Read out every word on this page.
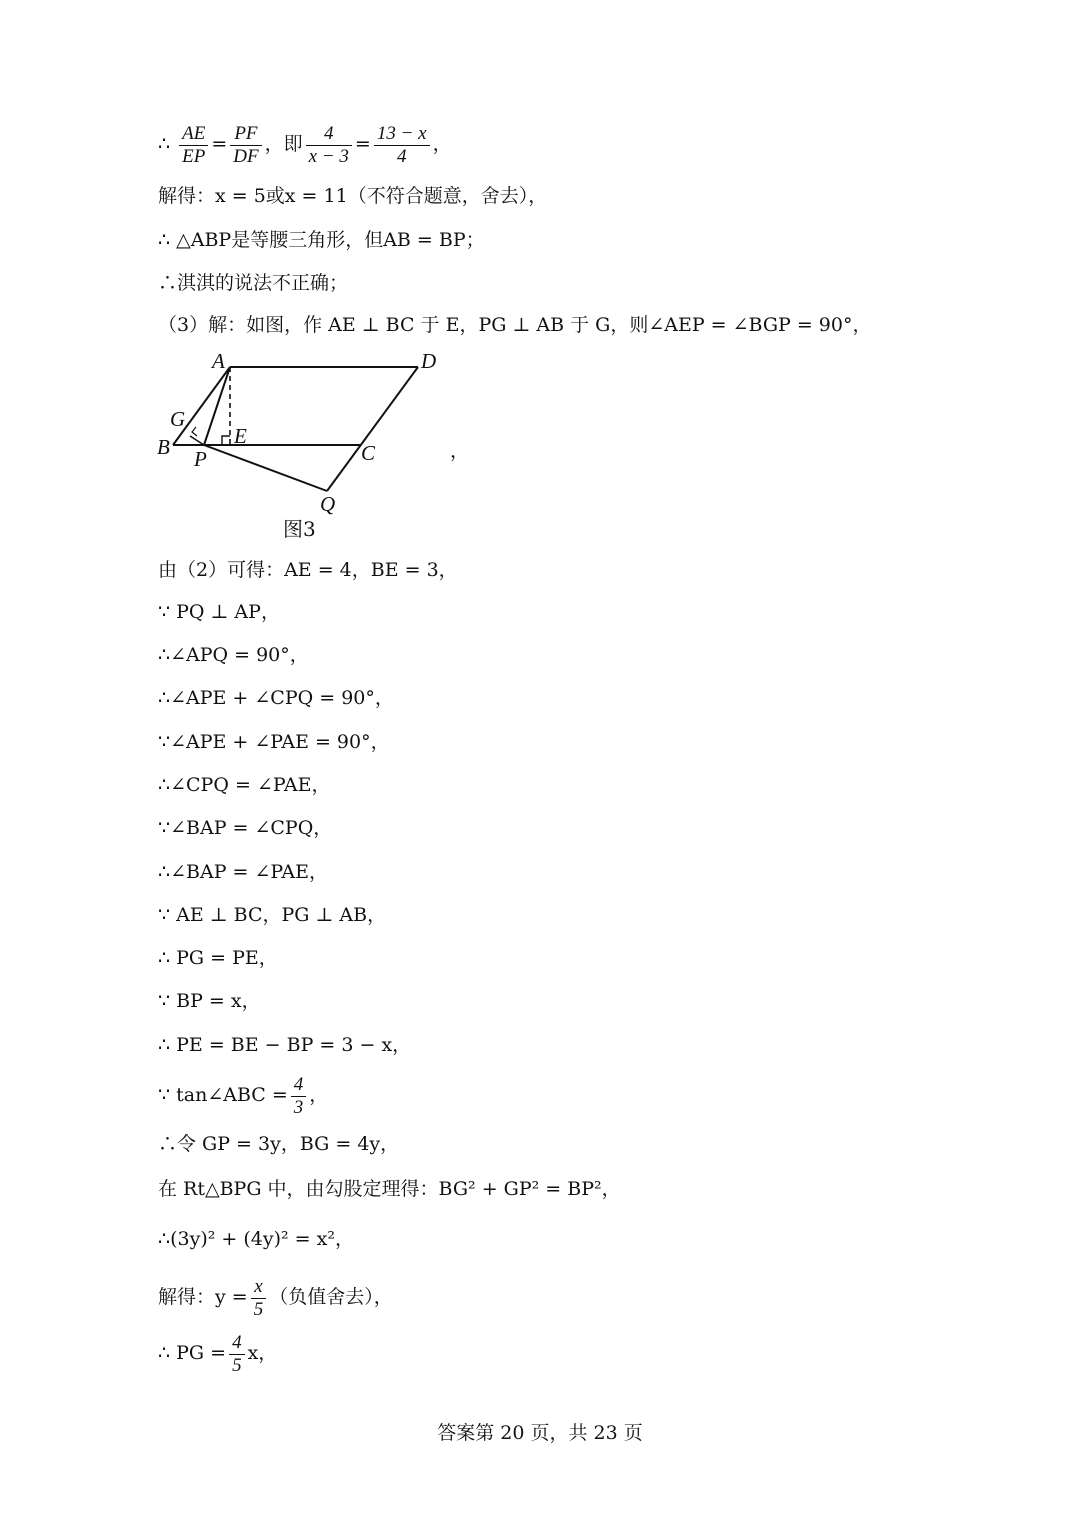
∴ $\frac{AE}{EP} = \frac{PF}{DF}$ ，即 $\frac{4}{x - 3} = \frac{13 - x}{4}$ ，
解得：x = 5或x = 11（不符合题意，舍去），
∴ △ABP是等腰三角形，但AB = BP；
∴淇淇的说法不正确；
（3）解：如图，作 AE ⊥ BC 于 E，PG ⊥ AB 于 G，则∠AEP = ∠BGP = 90°，
A	D
G
B	E
P	C
Q
，
图3
由（2）可得：AE = 4，BE = 3，
∵ PQ ⊥ AP，
∴∠APQ = 90°，
∴∠APE + ∠CPQ = 90°，
∵∠APE + ∠PAE = 90°，
∴∠CPQ = ∠PAE，
∵∠BAP = ∠CPQ，
∴∠BAP = ∠PAE，
∵ AE ⊥ BC，PG ⊥ AB，
∴ PG = PE，
∵ BP = x，
∴ PE = BE − BP = 3 − x，
∵ tan∠ABC = $\frac{4}{3}$ ，
∴令 GP = 3y，BG = 4y，
在 Rt△BPG 中，由勾股定理得：BG² + GP² = BP²，
∴(3y)² + (4y)² = x²，
解得：$y = \frac{x}{5}$ （负值舍去），
∴ PG = $\frac{4}{5}$ x，
答案第 20 页，共 23 页
